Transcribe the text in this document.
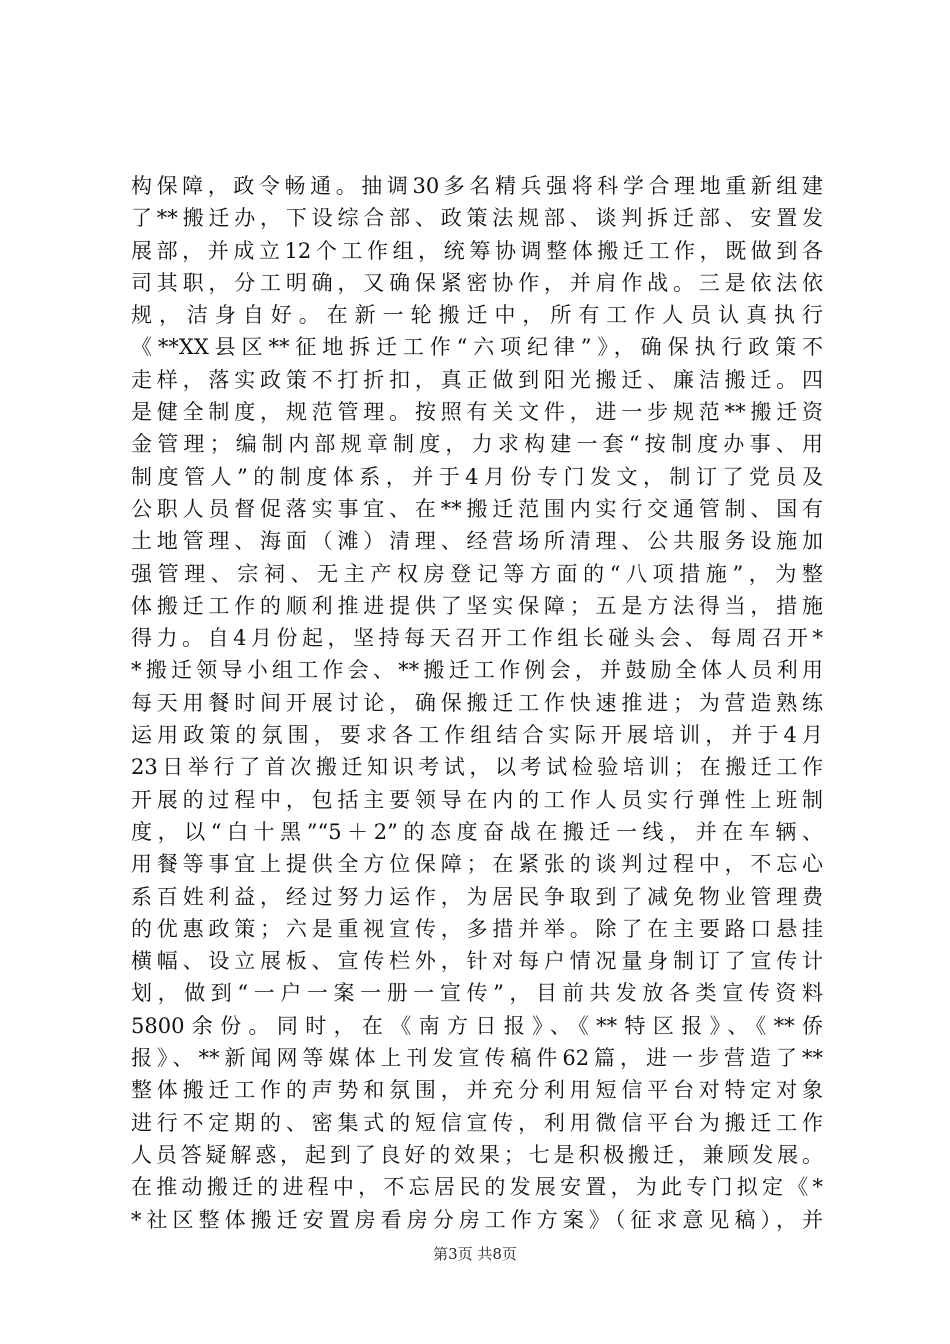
构保障，政令畅通。抽调30多名精兵强将科学合理地重新组建
了**搬迁办，下设综合部、政策法规部、谈判拆迁部、安置发
展部，并成立12个工作组，统筹协调整体搬迁工作，既做到各
司其职，分工明确，又确保紧密协作，并肩作战。三是依法依
规，洁身自好。在新一轮搬迁中，所有工作人员认真执行
《**XX县区**征地拆迁工作“六项纪律”》，确保执行政策不
走样，落实政策不打折扣，真正做到阳光搬迁、廉洁搬迁。四
是健全制度，规范管理。按照有关文件，进一步规范**搬迁资
金管理；编制内部规章制度，力求构建一套“按制度办事、用
制度管人”的制度体系，并于4月份专门发文，制订了党员及
公职人员督促落实事宜、在**搬迁范围内实行交通管制、国有
土地管理、海面（滩）清理、经营场所清理、公共服务设施加
强管理、宗祠、无主产权房登记等方面的“八项措施”，为整
体搬迁工作的顺利推进提供了坚实保障；五是方法得当，措施
得力。自4月份起，坚持每天召开工作组长碰头会、每周召开*
*搬迁领导小组工作会、**搬迁工作例会，并鼓励全体人员利用
每天用餐时间开展讨论，确保搬迁工作快速推进；为营造熟练
运用政策的氛围，要求各工作组结合实际开展培训，并于4月
23日举行了首次搬迁知识考试，以考试检验培训；在搬迁工作
开展的过程中，包括主要领导在内的工作人员实行弹性上班制
度，以“白十黑”“5＋2”的态度奋战在搬迁一线，并在车辆、
用餐等事宜上提供全方位保障；在紧张的谈判过程中，不忘心
系百姓利益，经过努力运作，为居民争取到了减免物业管理费
的优惠政策；六是重视宣传，多措并举。除了在主要路口悬挂
横幅、设立展板、宣传栏外，针对每户情况量身制订了宣传计
划，做到“一户一案一册一宣传”，目前共发放各类宣传资料
5800余份。同时，在《南方日报》、《**特区报》、《**侨
报》、**新闻网等媒体上刊发宣传稿件62篇，进一步营造了**
整体搬迁工作的声势和氛围，并充分利用短信平台对特定对象
进行不定期的、密集式的短信宣传，利用微信平台为搬迁工作
人员答疑解惑，起到了良好的效果；七是积极搬迁，兼顾发展。
在推动搬迁的进程中，不忘居民的发展安置，为此专门拟定《*
*社区整体搬迁安置房看房分房工作方案》（征求意见稿），并
第3页 共8页
